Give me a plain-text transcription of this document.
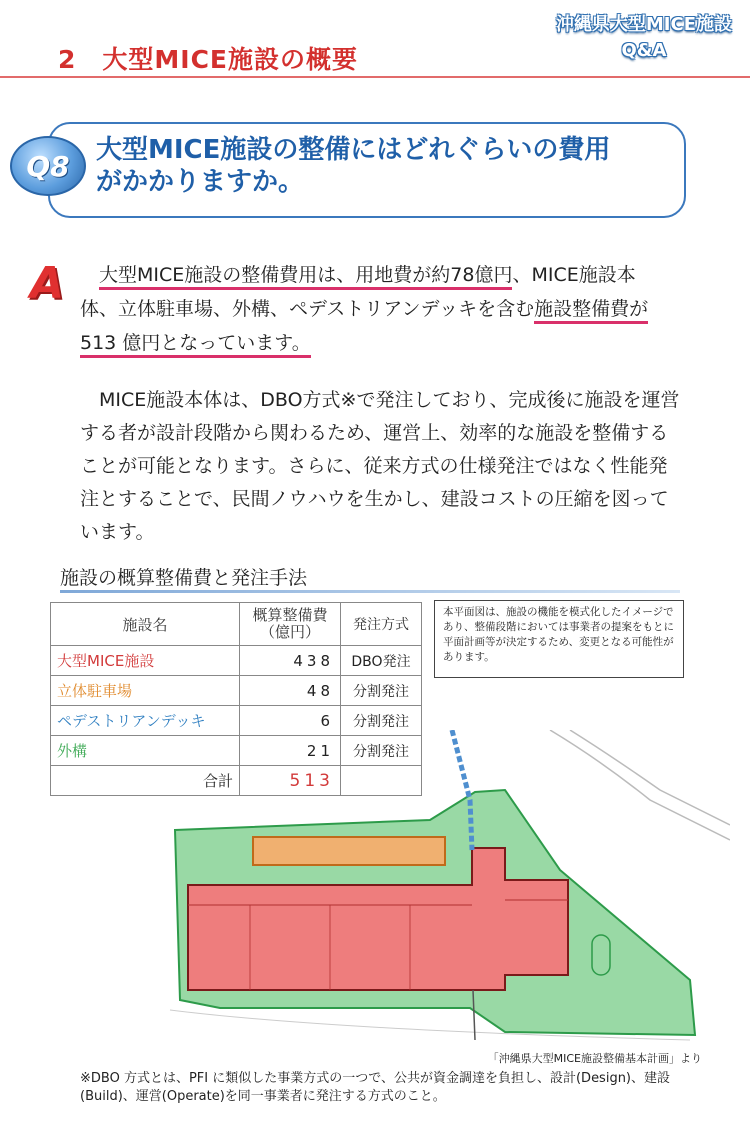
2　大型MICE施設の概要
沖縄県大型MICE施設
Q&A
Q8	大型MICE施設の整備にはどれぐらいの費用
がかかりますか。
A
　	大型MICE施設の整備費用は、用地費が約78億円、MICE施設本
体、立体駐車場、外構、ペデストリアンデッキを含む施設整備費が
513 億円となっています。
　MICE施設本体は、DBO方式※で発注しており、完成後に施設を運営する者が設計段階から関わるため、運営上、効率的な施設を整備することが可能となります。さらに、従来方式の仕様発注ではなく性能発注とすることで、民間ノウハウを生かし、建設コストの圧縮を図っています。
施設の概算整備費と発注手法
施設名	概算整備費（億円）	発注方式
大型MICE施設	438	DBO発注
立体駐車場	48	分割発注
ペデストリアンデッキ	6	分割発注
外構	21	分割発注
合計	513	
本平面図は、施設の機能を模式化したイメージであり、整備段階においては事業者の提案をもとに平面計画等が決定するため、変更となる可能性があります。
「沖縄県大型MICE施設整備基本計画」より
※DBO 方式とは、PFI に類似した事業方式の一つで、公共が資金調達を負担し、設計(Design)、建設(Build)、運営(Operate)を同一事業者に発注する方式のこと。
